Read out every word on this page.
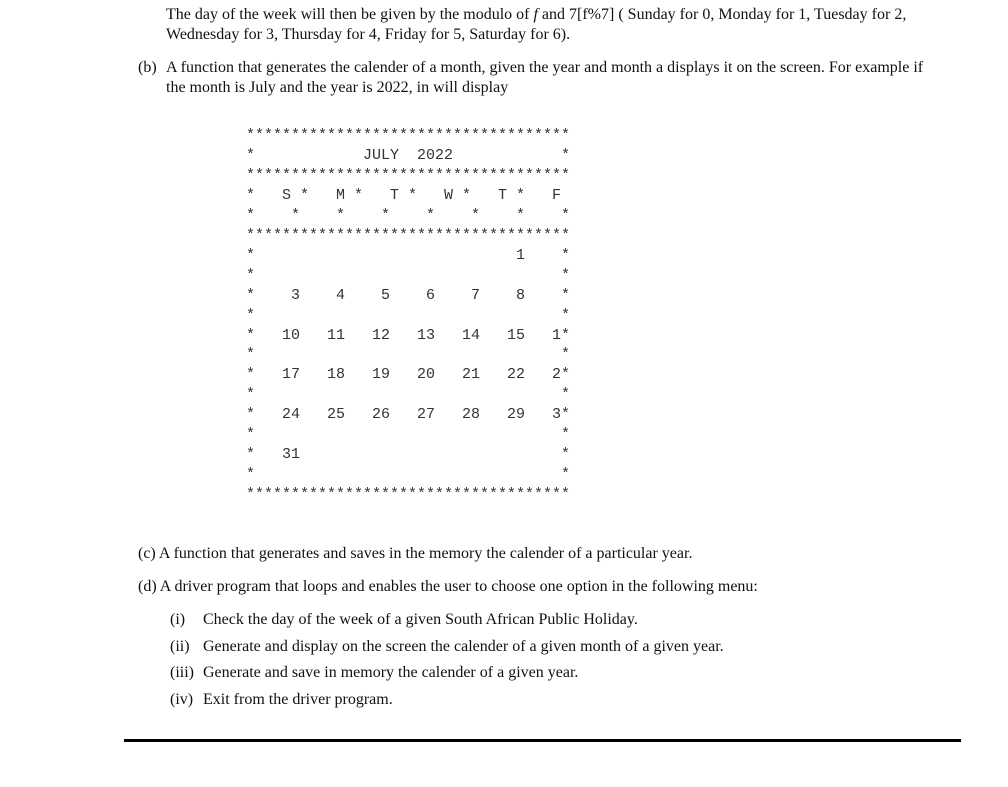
The day of the week will then be given by the modulo of f and 7[f%7] ( Sunday for 0, Monday for 1, Tuesday for 2,
Wednesday for 3, Thursday for 4, Friday for 5, Saturday for 6).
(b) A function that generates the calender of a month, given the year and month a displays it on the screen. For example if
the month is July and the year is 2022, in will display
************************************
*            JULY  2022            *
************************************
*   S *   M *   T *   W *   T *   F
*    *    *    *    *    *    *    *
************************************
*                             1    *
*                                  *
*    3    4    5    6    7    8    *
*                                  *
*   10   11   12   13   14   15   1*
*                                  *
*   17   18   19   20   21   22   2*
*                                  *
*   24   25   26   27   28   29   3*
*                                  *
*   31                             *
*                                  *
************************************
(c) A function that generates and saves in the memory the calender of a particular year.
(d) A driver program that loops and enables the user to choose one option in the following menu:
(i) Check the day of the week of a given South African Public Holiday.
(ii) Generate and display on the screen the calender of a given month of a given year.
(iii) Generate and save in memory the calender of a given year.
(iv) Exit from the driver program.
